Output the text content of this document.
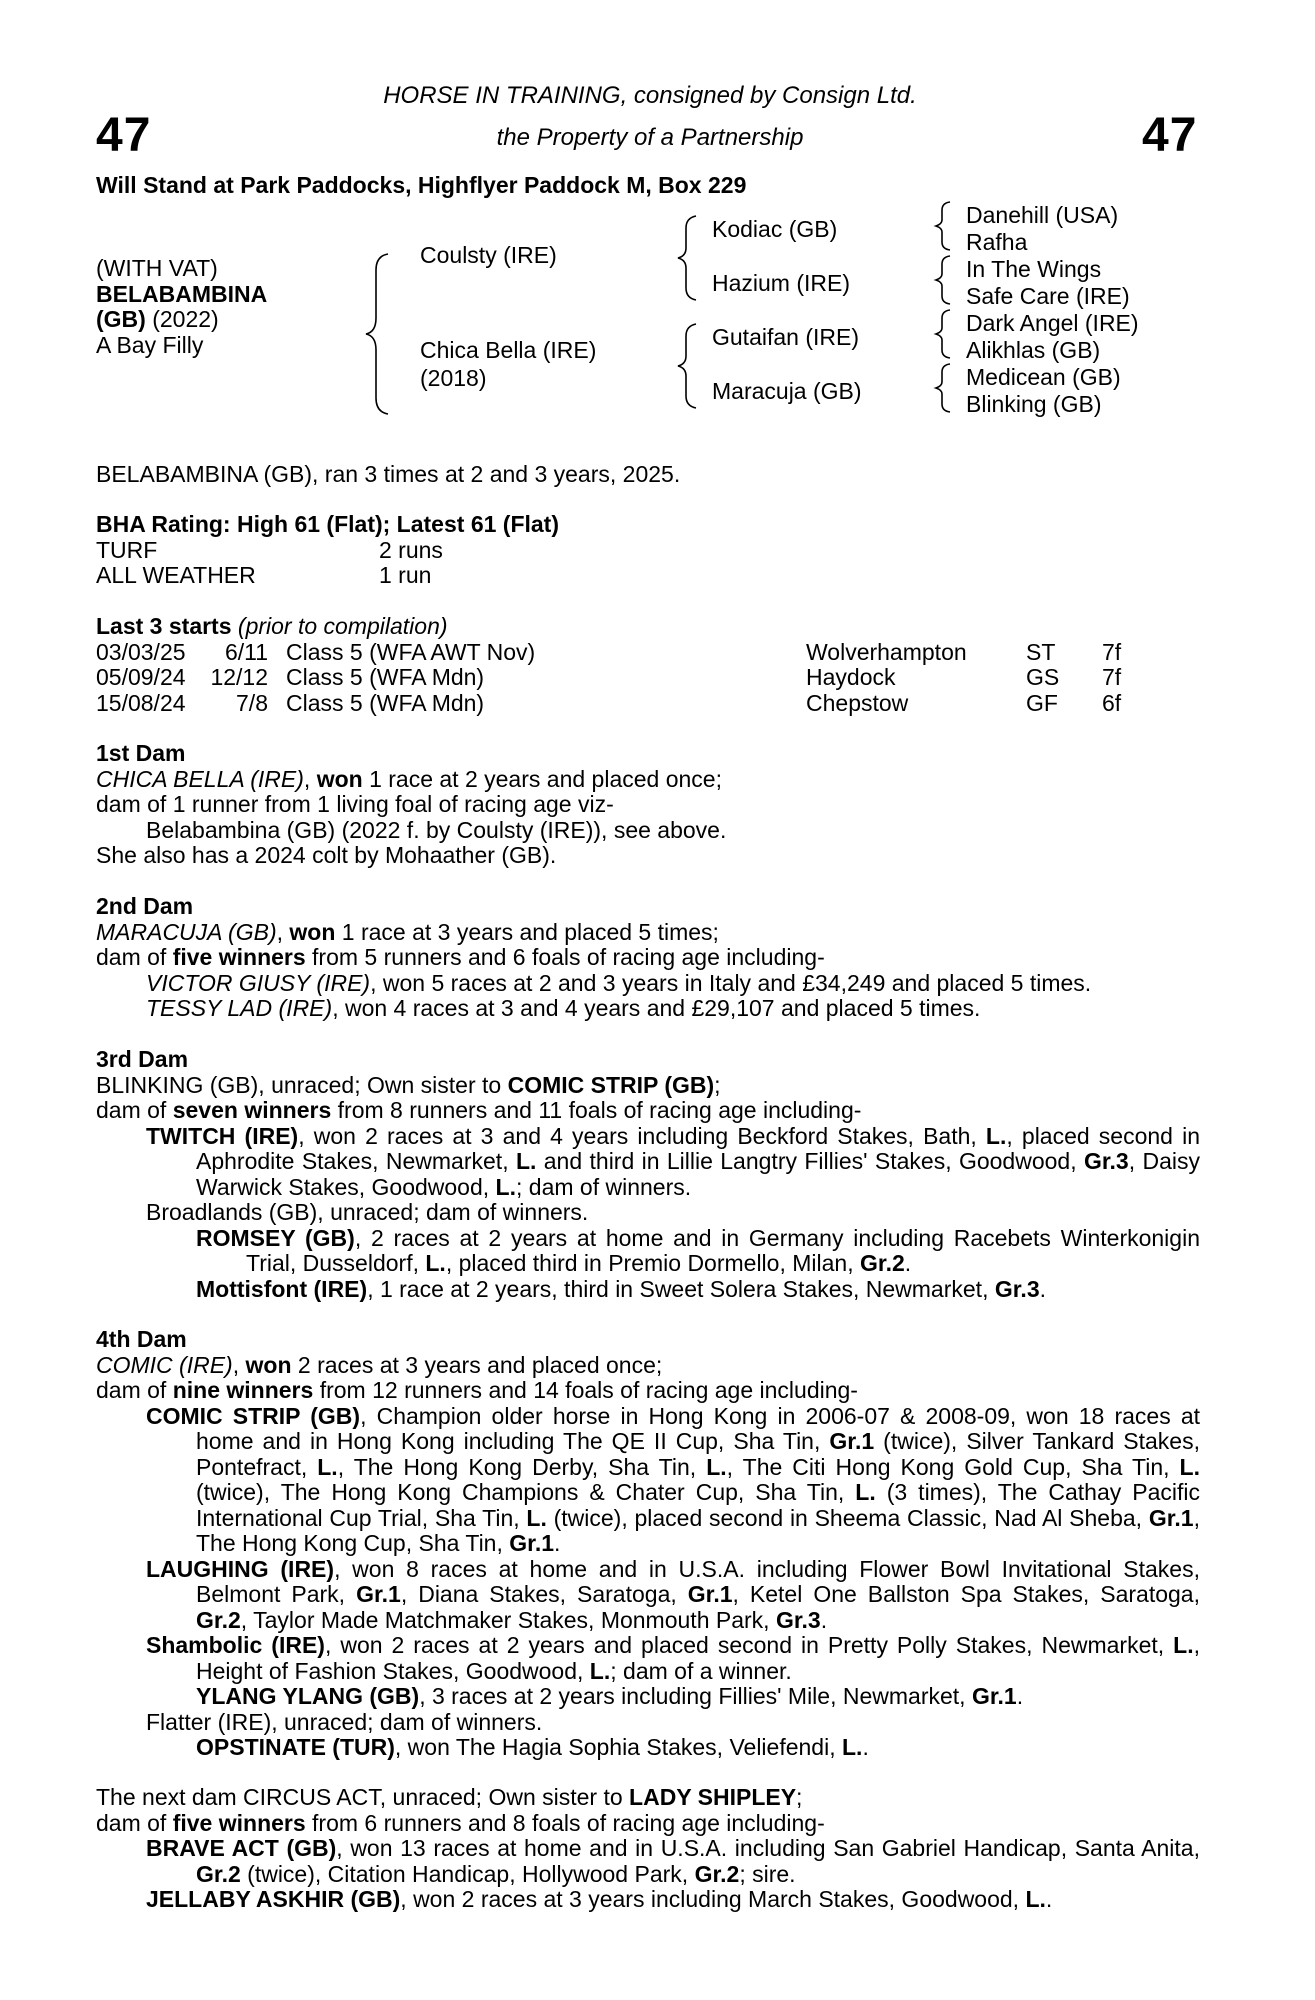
47	47
HORSE IN TRAINING, consigned by Consign Ltd.
the Property of a Partnership
Will Stand at Park Paddocks, Highflyer Paddock M, Box 229
(WITH VAT)
BELABAMBINA
(GB) (2022)
A Bay Filly
Coulsty (IRE)
Chica Bella (IRE)
(2018)
Kodiac (GB)
Hazium (IRE)
Gutaifan (IRE)
Maracuja (GB)
Danehill (USA)
Rafha
In The Wings
Safe Care (IRE)
Dark Angel (IRE)
Alikhlas (GB)
Medicean (GB)
Blinking (GB)
BELABAMBINA (GB), ran 3 times at 2 and 3 years, 2025.
BHA Rating: High 61 (Flat); Latest 61 (Flat)
TURF	2 runs
ALL WEATHER	1 run
Last 3 starts (prior to compilation)
03/03/25	6/11	Class 5 (WFA AWT Nov)	Wolverhampton	ST	7f
05/09/24	12/12	Class 5 (WFA Mdn)	Haydock	GS	7f
15/08/24	7/8	Class 5 (WFA Mdn)	Chepstow	GF	6f
1st Dam
CHICA BELLA (IRE), won 1 race at 2 years and placed once;
dam of 1 runner from 1 living foal of racing age viz-
Belabambina (GB) (2022 f. by Coulsty (IRE)), see above.
She also has a 2024 colt by Mohaather (GB).
2nd Dam
MARACUJA (GB), won 1 race at 3 years and placed 5 times;
dam of five winners from 5 runners and 6 foals of racing age including-
VICTOR GIUSY (IRE), won 5 races at 2 and 3 years in Italy and £34,249 and placed 5 times.
TESSY LAD (IRE), won 4 races at 3 and 4 years and £29,107 and placed 5 times.
3rd Dam
BLINKING (GB), unraced; Own sister to COMIC STRIP (GB);
dam of seven winners from 8 runners and 11 foals of racing age including-
TWITCH (IRE), won 2 races at 3 and 4 years including Beckford Stakes, Bath, L., placed second in Aphrodite Stakes, Newmarket, L. and third in Lillie Langtry Fillies' Stakes, Goodwood, Gr.3, Daisy Warwick Stakes, Goodwood, L.; dam of winners.
Broadlands (GB), unraced; dam of winners.
ROMSEY (GB), 2 races at 2 years at home and in Germany including Racebets Winterkonigin Trial, Dusseldorf, L., placed third in Premio Dormello, Milan, Gr.2.
Mottisfont (IRE), 1 race at 2 years, third in Sweet Solera Stakes, Newmarket, Gr.3.
4th Dam
COMIC (IRE), won 2 races at 3 years and placed once;
dam of nine winners from 12 runners and 14 foals of racing age including-
COMIC STRIP (GB), Champion older horse in Hong Kong in 2006-07 & 2008-09, won 18 races at home and in Hong Kong including The QE II Cup, Sha Tin, Gr.1 (twice), Silver Tankard Stakes, Pontefract, L., The Hong Kong Derby, Sha Tin, L., The Citi Hong Kong Gold Cup, Sha Tin, L. (twice), The Hong Kong Champions & Chater Cup, Sha Tin, L. (3 times), The Cathay Pacific International Cup Trial, Sha Tin, L. (twice), placed second in Sheema Classic, Nad Al Sheba, Gr.1, The Hong Kong Cup, Sha Tin, Gr.1.
LAUGHING (IRE), won 8 races at home and in U.S.A. including Flower Bowl Invitational Stakes, Belmont Park, Gr.1, Diana Stakes, Saratoga, Gr.1, Ketel One Ballston Spa Stakes, Saratoga, Gr.2, Taylor Made Matchmaker Stakes, Monmouth Park, Gr.3.
Shambolic (IRE), won 2 races at 2 years and placed second in Pretty Polly Stakes, Newmarket, L., Height of Fashion Stakes, Goodwood, L.; dam of a winner.
YLANG YLANG (GB), 3 races at 2 years including Fillies' Mile, Newmarket, Gr.1.
Flatter (IRE), unraced; dam of winners.
OPSTINATE (TUR), won The Hagia Sophia Stakes, Veliefendi, L..
The next dam CIRCUS ACT, unraced; Own sister to LADY SHIPLEY;
dam of five winners from 6 runners and 8 foals of racing age including-
BRAVE ACT (GB), won 13 races at home and in U.S.A. including San Gabriel Handicap, Santa Anita, Gr.2 (twice), Citation Handicap, Hollywood Park, Gr.2; sire.
JELLABY ASKHIR (GB), won 2 races at 3 years including March Stakes, Goodwood, L..
